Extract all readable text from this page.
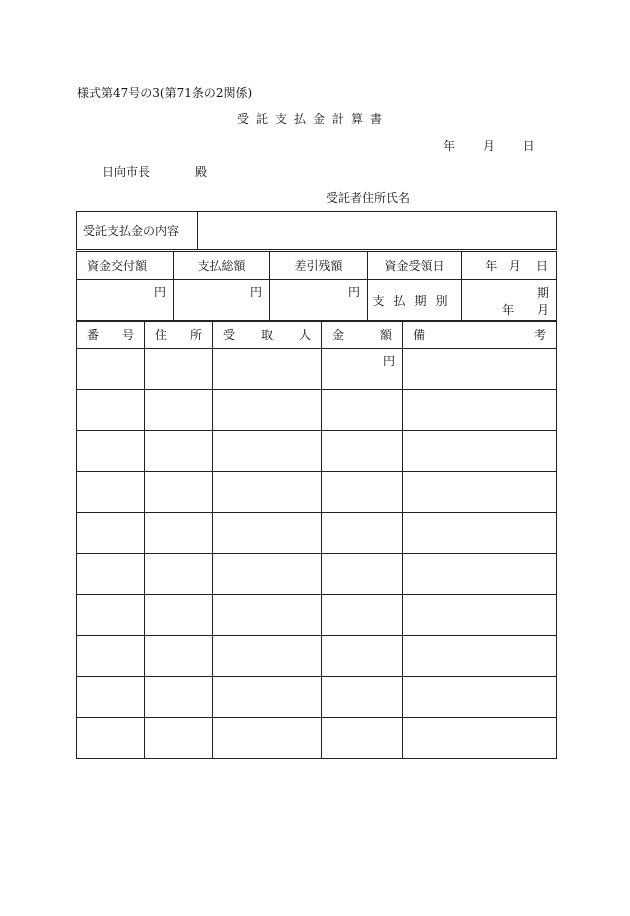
様式第47号の3(第71条の2関係)
受託支払金計算書
年 月 日
日向市長	殿
受託者住所氏名
受託支払金の内容	
資金交付額	支払総額	差引残額	資金受領日	年 月 日

円	円	円	支払期別	期
年 月
番 号	住 所	受 取 人	金 額	備 考

			円	
